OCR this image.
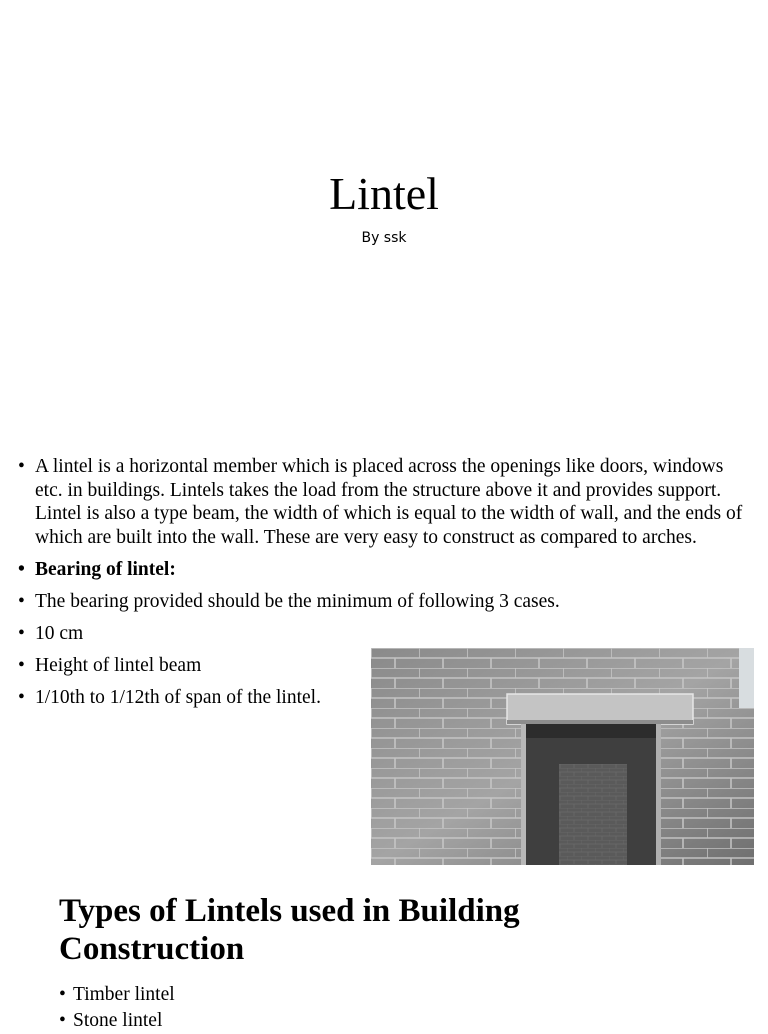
Lintel
By ssk
• A lintel is a horizontal member which is placed across the openings like doors, windows etc. in buildings. Lintels takes the load from the structure above it and provides support. Lintel is also a type beam, the width of which is equal to the width of wall, and the ends of which are built into the wall. These are very easy to construct as compared to arches.
• Bearing of lintel:
• The bearing provided should be the minimum of following 3 cases.
• 10 cm
• Height of lintel beam
• 1/10th to 1/12th of span of the lintel.
Types of Lintels used in Building Construction
• Timber lintel
• Stone lintel
